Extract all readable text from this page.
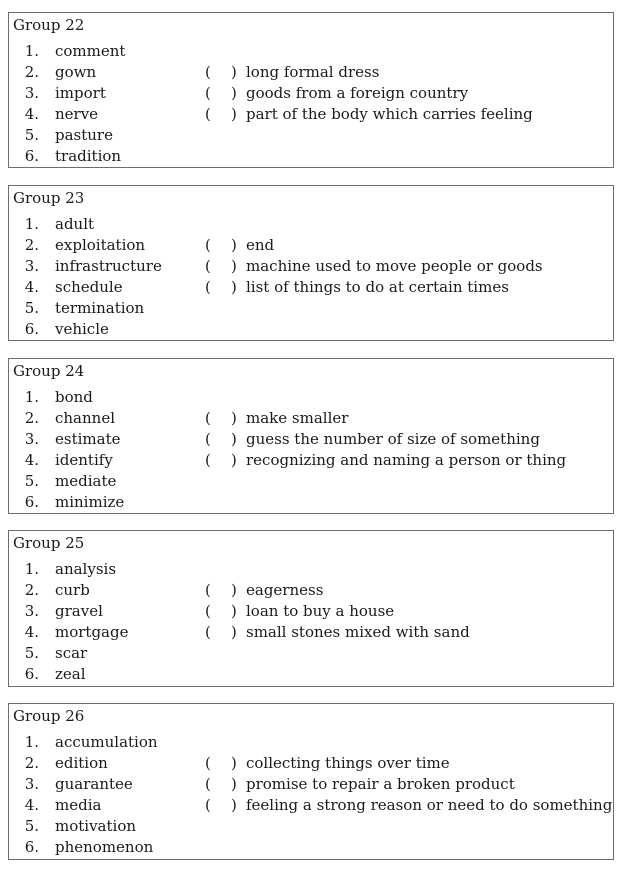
Group 22
1. comment
2. gown	( ) long formal dress
3. import	( ) goods from a foreign country
4. nerve	( ) part of the body which carries feeling
5. pasture
6. tradition
Group 23
1. adult
2. exploitation	( ) end
3. infrastructure	( ) machine used to move people or goods
4. schedule	( ) list of things to do at certain times
5. termination
6. vehicle
Group 24
1. bond
2. channel	( ) make smaller
3. estimate	( ) guess the number of size of something
4. identify	( ) recognizing and naming a person or thing
5. mediate
6. minimize
Group 25
1. analysis
2. curb	( ) eagerness
3. gravel	( ) loan to buy a house
4. mortgage	( ) small stones mixed with sand
5. scar
6. zeal
Group 26
1. accumulation
2. edition	( ) collecting things over time
3. guarantee	( ) promise to repair a broken product
4. media	( ) feeling a strong reason or need to do something
5. motivation
6. phenomenon
